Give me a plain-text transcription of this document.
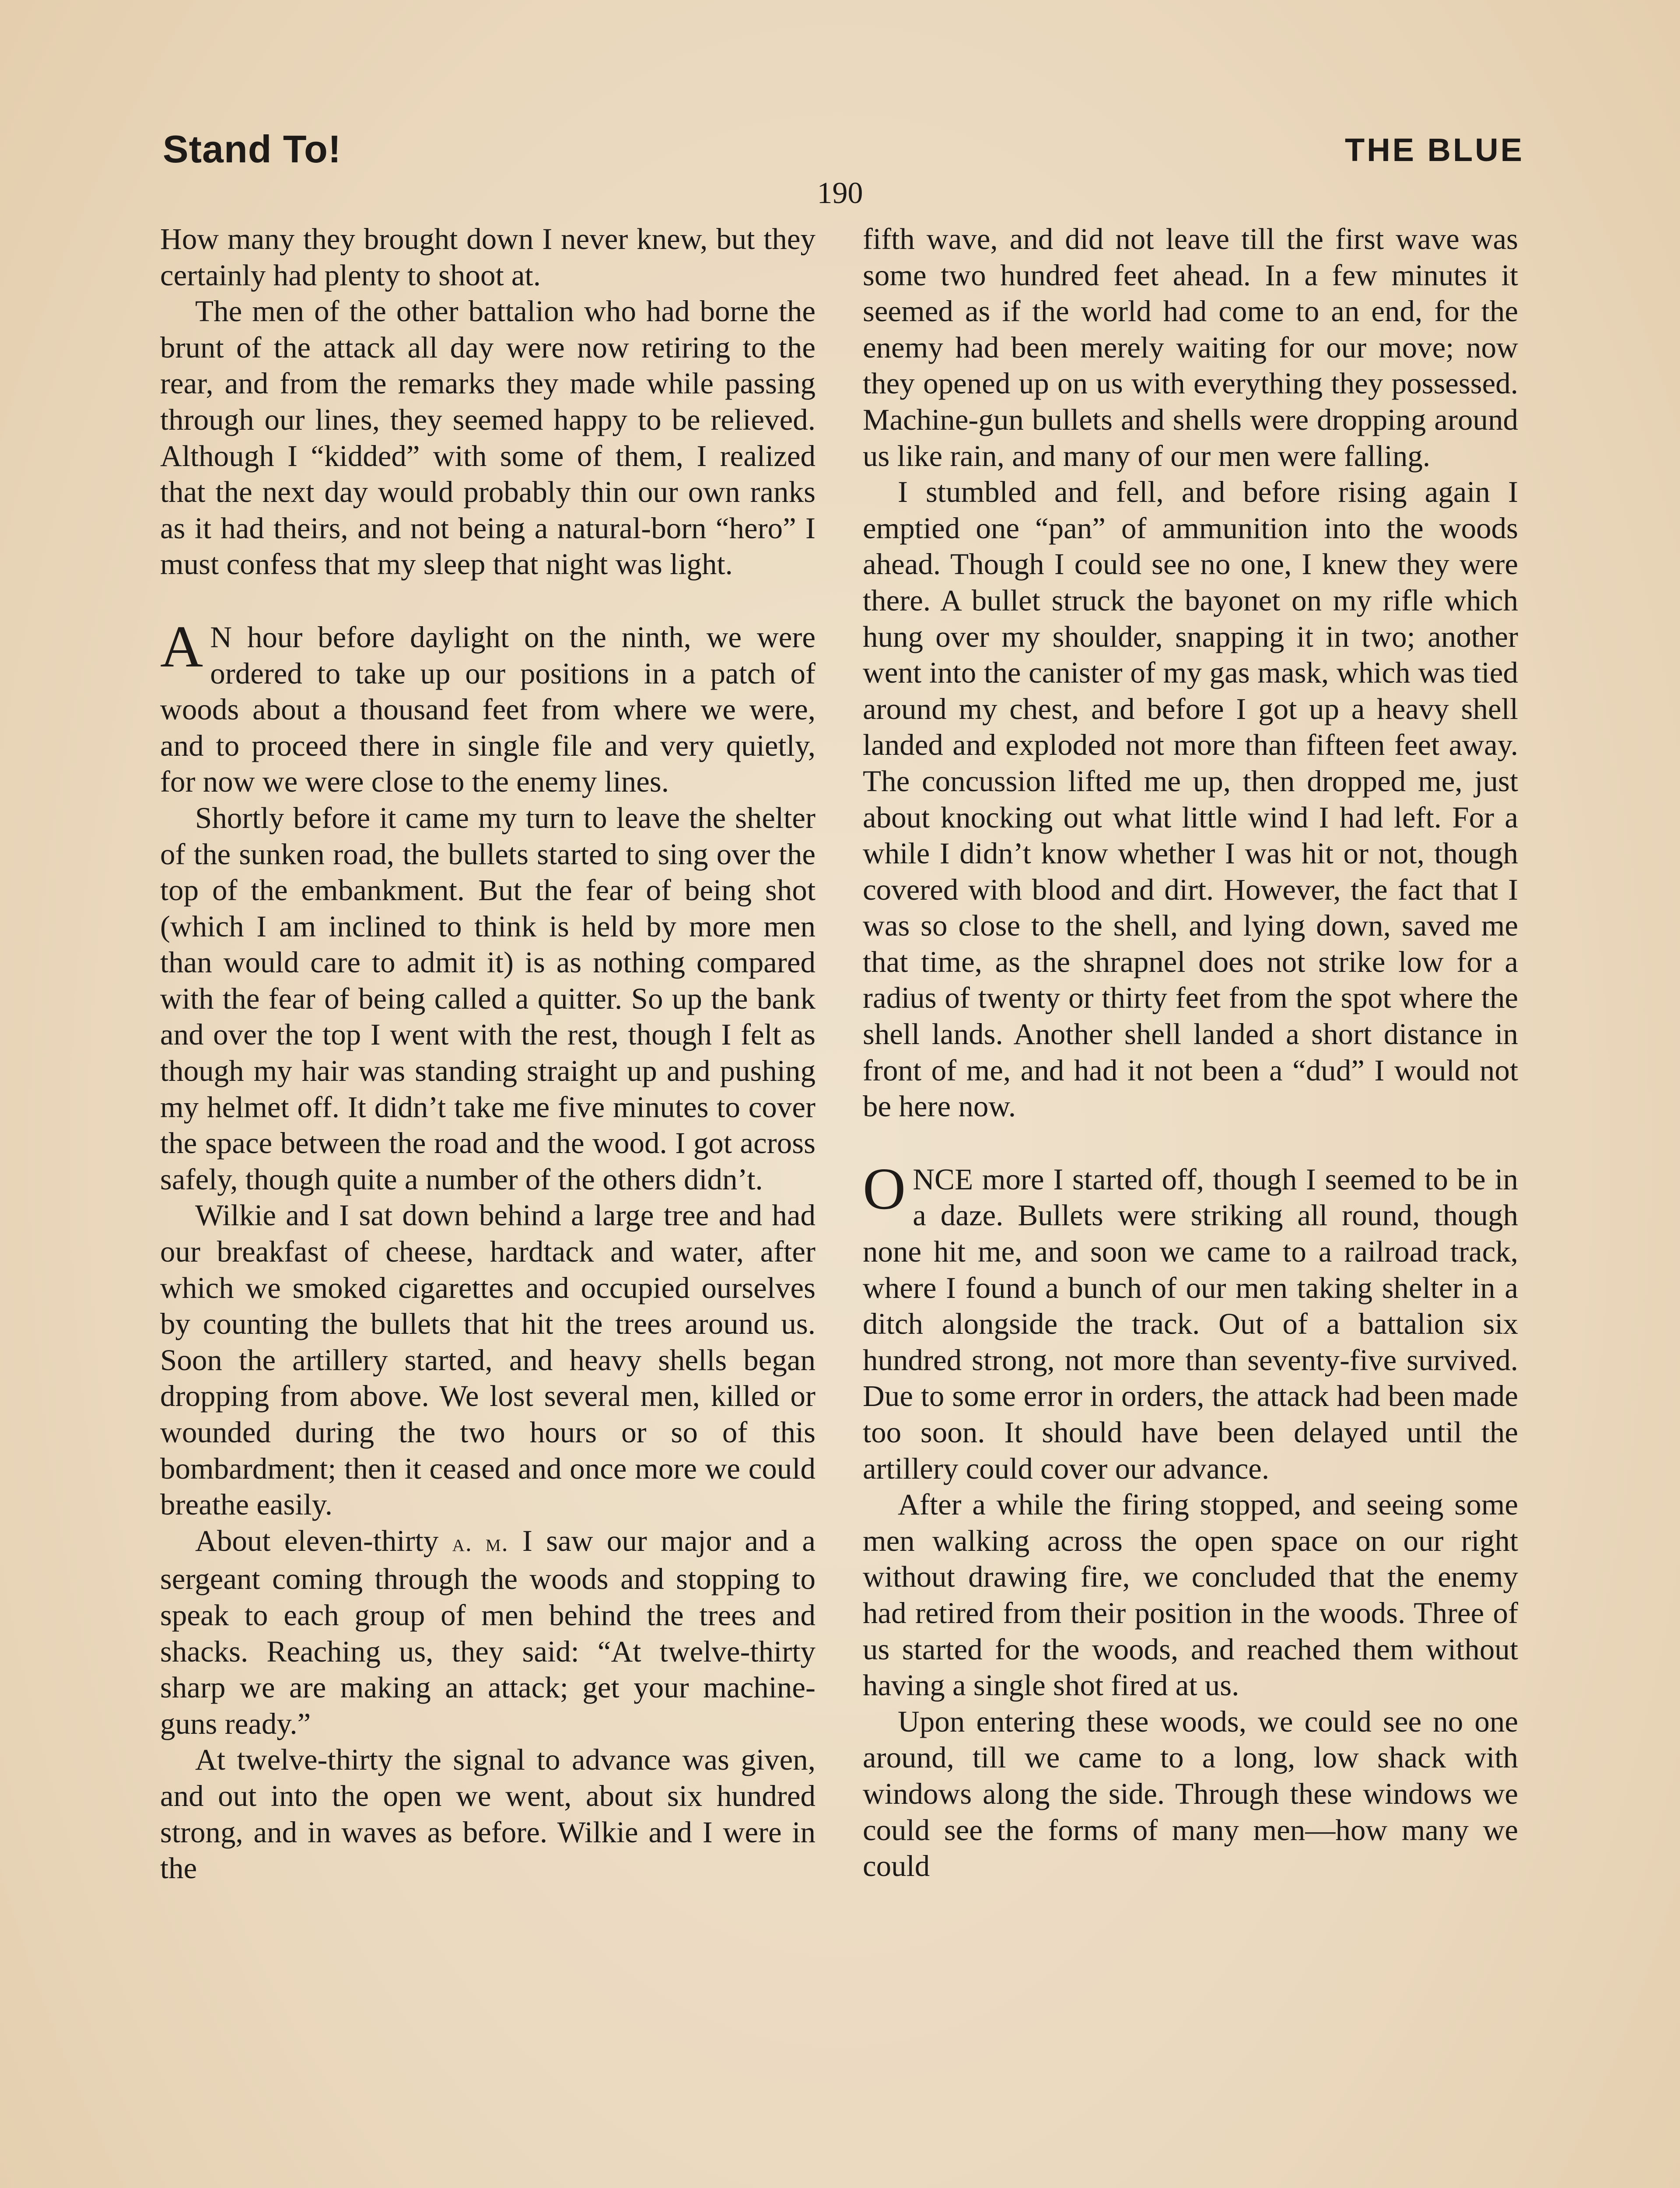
Stand To!	THE BLUE
190

How many they brought down I never knew, but they certainly had plenty to shoot at.

The men of the other battalion who had borne the brunt of the attack all day were now retiring to the rear, and from the remarks they made while passing through our lines, they seemed happy to be relieved. Although I “kidded” with some of them, I realized that the next day would probably thin our own ranks as it had theirs, and not being a natural-born “hero” I must confess that my sleep that night was light.

A N hour before daylight on the ninth, we were ordered to take up our positions in a patch of woods about a thousand feet from where we were, and to proceed there in single file and very quietly, for now we were close to the enemy lines.

Shortly before it came my turn to leave the shelter of the sunken road, the bullets started to sing over the top of the embankment. But the fear of being shot (which I am inclined to think is held by more men than would care to admit it) is as nothing compared with the fear of being called a quitter. So up the bank and over the top I went with the rest, though I felt as though my hair was standing straight up and pushing my helmet off. It didn’t take me five minutes to cover the space between the road and the wood. I got across safely, though quite a number of the others didn’t.

Wilkie and I sat down behind a large tree and had our breakfast of cheese, hardtack and water, after which we smoked cigarettes and occupied ourselves by counting the bullets that hit the trees around us. Soon the artillery started, and heavy shells began dropping from above. We lost several men, killed or wounded during the two hours or so of this bombardment; then it ceased and once more we could breathe easily.

About eleven-thirty a. m. I saw our major and a sergeant coming through the woods and stopping to speak to each group of men behind the trees and shacks. Reaching us, they said: “At twelve-thirty sharp we are making an attack; get your machine-guns ready.”

At twelve-thirty the signal to advance was given, and out into the open we went, about six hundred strong, and in waves as before. Wilkie and I were in the

fifth wave, and did not leave till the first wave was some two hundred feet ahead. In a few minutes it seemed as if the world had come to an end, for the enemy had been merely waiting for our move; now they opened up on us with everything they possessed. Machine-gun bullets and shells were dropping around us like rain, and many of our men were falling.

I stumbled and fell, and before rising again I emptied one “pan” of ammunition into the woods ahead. Though I could see no one, I knew they were there. A bullet struck the bayonet on my rifle which hung over my shoulder, snapping it in two; another went into the canister of my gas mask, which was tied around my chest, and before I got up a heavy shell landed and exploded not more than fifteen feet away. The concussion lifted me up, then dropped me, just about knocking out what little wind I had left. For a while I didn’t know whether I was hit or not, though covered with blood and dirt. However, the fact that I was so close to the shell, and lying down, saved me that time, as the shrapnel does not strike low for a radius of twenty or thirty feet from the spot where the shell lands. Another shell landed a short distance in front of me, and had it not been a “dud” I would not be here now.

ONCE more I started off, though I seemed to be in a daze. Bullets were striking all round, though none hit me, and soon we came to a railroad track, where I found a bunch of our men taking shelter in a ditch alongside the track. Out of a battalion six hundred strong, not more than seventy-five survived. Due to some error in orders, the attack had been made too soon. It should have been delayed until the artillery could cover our advance.

After a while the firing stopped, and seeing some men walking across the open space on our right without drawing fire, we concluded that the enemy had retired from their position in the woods. Three of us started for the woods, and reached them without having a single shot fired at us.

Upon entering these woods, we could see no one around, till we came to a long, low shack with windows along the side. Through these windows we could see the forms of many men—how many we could
